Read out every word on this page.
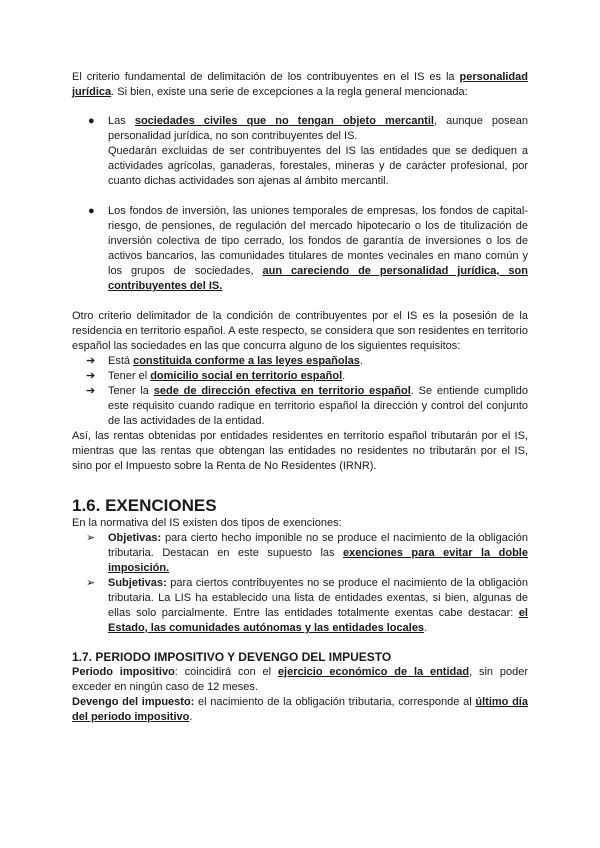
El criterio fundamental de delimitación de los contribuyentes en el IS es la personalidad jurídica. Si bien, existe una serie de excepciones a la regla general mencionada:

● Las sociedades civiles que no tengan objeto mercantil, aunque posean personalidad jurídica, no son contribuyentes del IS.
Quedarán excluidas de ser contribuyentes del IS las entidades que se dediquen a actividades agrícolas, ganaderas, forestales, mineras y de carácter profesional, por cuanto dichas actividades son ajenas al ámbito mercantil.
● Los fondos de inversión, las uniones temporales de empresas, los fondos de capital-riesgo, de pensiones, de regulación del mercado hipotecario o los de titulización de inversión colectiva de tipo cerrado, los fondos de garantía de inversiones o los de activos bancarios, las comunidades titulares de montes vecinales en mano común y los grupos de sociedades, aun careciendo de personalidad jurídica, son contribuyentes del IS.

Otro criterio delimitador de la condición de contribuyentes por el IS es la posesión de la residencia en territorio español. A este respecto, se considera que son residentes en territorio español las sociedades en las que concurra alguno de los siguientes requisitos:

➔ Está constituida conforme a las leyes españolas.
➔ Tener el domicilio social en territorio español.
➔ Tener la sede de dirección efectiva en territorio español. Se entiende cumplido este requisito cuando radique en territorio español la dirección y control del conjunto de las actividades de la entidad.

Así, las rentas obtenidas por entidades residentes en territorio español tributarán por el IS, mientras que las rentas que obtengan las entidades no residentes no tributarán por el IS, sino por el Impuesto sobre la Renta de No Residentes (IRNR).

1.6. EXENCIONES

En la normativa del IS existen dos tipos de exenciones:

➢ Objetivas: para cierto hecho imponible no se produce el nacimiento de la obligación tributaria. Destacan en este supuesto las exenciones para evitar la doble imposición.
➢ Subjetivas: para ciertos contribuyentes no se produce el nacimiento de la obligación tributaria. La LIS ha establecido una lista de entidades exentas, si bien, algunas de ellas solo parcialmente. Entre las entidades totalmente exentas cabe destacar: el Estado, las comunidades autónomas y las entidades locales.
1.7. PERIODO IMPOSITIVO Y DEVENGO DEL IMPUESTO

Periodo impositivo: coincidirá con el ejercicio económico de la entidad, sin poder exceder en ningún caso de 12 meses.

Devengo del impuesto: el nacimiento de la obligación tributaria, corresponde al último día del periodo impositivo.
